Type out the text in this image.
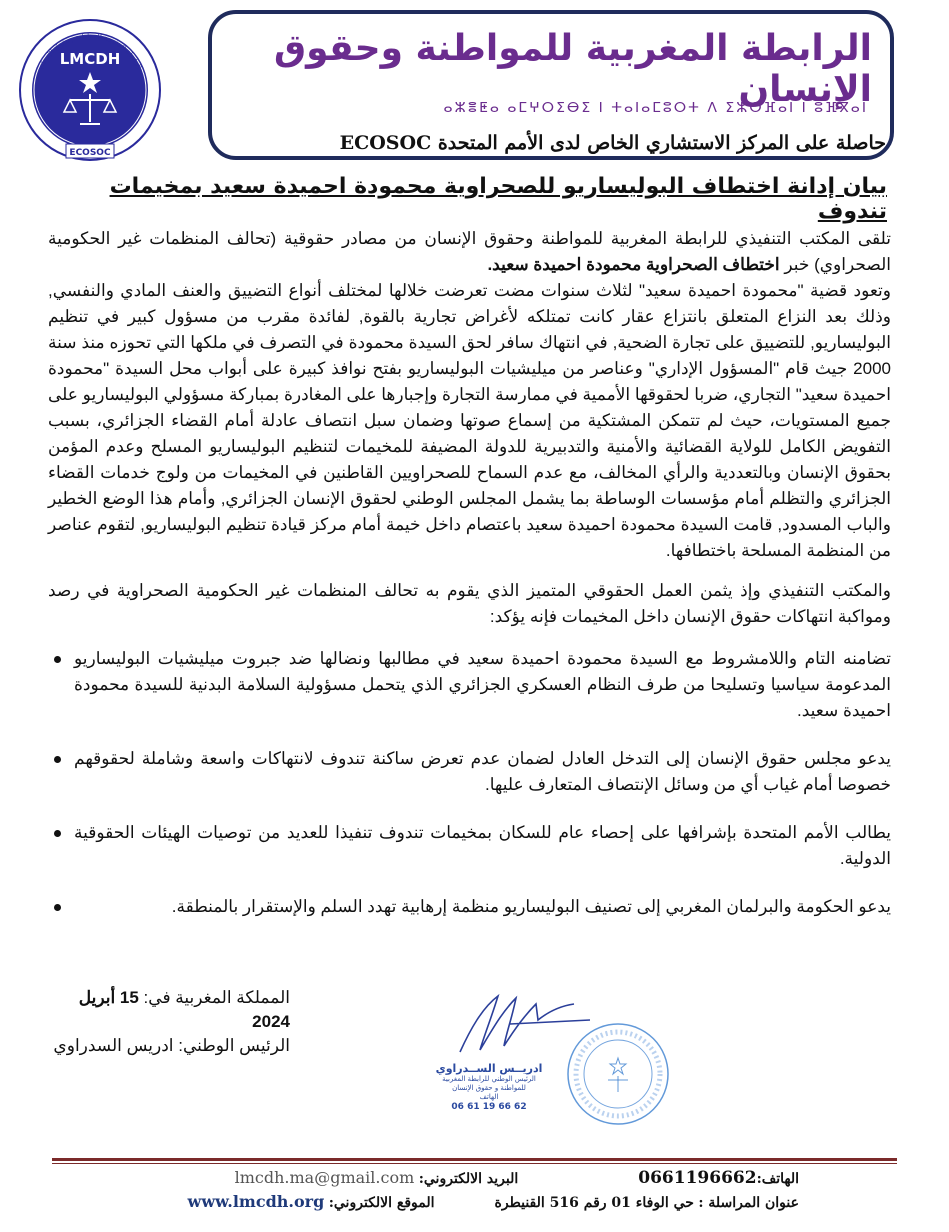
LMCDH
ECOSOC
الرابطة المغربية للمواطنة وحقوق الإنسان	الرابطة المغربية للمواطنة وحقوق الإنسان
ⴰⵣⴻⵟⴰ ⴰⵎⵖⵔⵉⴱⵉ ⵏ ⵜⴰⵏⴰⵎⵓⵔⵜ ⴷ ⵉⵣⵔⴼⴰⵏ ⵏ ⵓⴼⴳⴰⵏ
حاصلة على المركز الاستشاري الخاص لدى الأمم المتحدة ECOSOC
بيان إدانة اختطاف البوليساريو للصحراوية محمودة احميدة سعيد بمخيمات تندوف

تلقى المكتب التنفيذي للرابطة المغربية للمواطنة وحقوق الإنسان من مصادر حقوقية (تحالف المنظمات غير الحكومية الصحراوي) خبر اختطاف الصحراوية محمودة احميدة سعيد.

وتعود قضية "محمودة احميدة سعيد" لثلاث سنوات مضت تعرضت خلالها لمختلف أنواع التضييق والعنف المادي والنفسي, وذلك بعد النزاع المتعلق بانتزاع عقار كانت تمتلكه لأغراض تجارية بالقوة, لفائدة مقرب من مسؤول كبير في تنظيم البوليساريو, للتضييق على تجارة الضحية, في انتهاك سافر لحق السيدة محمودة في التصرف في ملكها التي تحوزه منذ سنة 2000 جيث قام "المسؤول الإداري" وعناصر من ميليشيات البوليساريو بفتح نوافذ كبيرة على أبواب محل السيدة "محمودة احميدة سعيد" التجاري، ضربا لحقوقها الأممية في ممارسة التجارة وإجبارها على المغادرة بمباركة مسؤولي البوليساريو على جميع المستويات، حيث لم تتمكن المشتكية من إسماع صوتها وضمان سبل انتصاف عادلة أمام القضاء الجزائري، بسبب التفويض الكامل للولاية القضائية والأمنية والتدبيرية للدولة المضيفة للمخيمات لتنظيم البوليساريو المسلح وعدم المؤمن بحقوق الإنسان وبالتعددية والرأي المخالف، مع عدم السماح للصحراويين القاطنين في المخيمات من ولوج خدمات القضاء الجزائري والتظلم أمام مؤسسات الوساطة بما يشمل المجلس الوطني لحقوق الإنسان الجزائري, وأمام هذا الوضع الخطير والباب المسدود, قامت السيدة محمودة احميدة سعيد باعتصام داخل خيمة أمام مركز قيادة تنظيم البوليساريو, لتقوم عناصر من المنظمة المسلحة باختطافها.

والمكتب التنفيذي وإذ يثمن العمل الحقوقي المتميز الذي يقوم به تحالف المنظمات غير الحكومية الصحراوية في رصد ومواكبة انتهاكات حقوق الإنسان داخل المخيمات فإنه يؤكد:

تضامنه التام واللامشروط مع السيدة محمودة احميدة سعيد في مطالبها ونضالها ضد جبروت ميليشيات البوليساريو المدعومة سياسيا وتسليحا من طرف النظام العسكري الجزائري الذي يتحمل مسؤولية السلامة البدنية للسيدة محمودة احميدة سعيد.
يدعو مجلس حقوق الإنسان إلى التدخل العادل لضمان عدم تعرض ساكنة تندوف لانتهاكات واسعة وشاملة لحقوقهم خصوصا أمام غياب أي من وسائل الإنتصاف المتعارف عليها.
يطالب الأمم المتحدة بإشرافها على إحصاء عام للسكان بمخيمات تندوف تنفيذا للعديد من توصيات الهيئات الحقوقية الدولية.
يدعو الحكومة والبرلمان المغربي إلى تصنيف البوليساريو منظمة إرهابية تهدد السلم والإستقرار بالمنطقة.
المملكة المغربية في: 15 أبريل 2024
الرئيس الوطني: ادريس السدراوي
ادريــس الســدراوي
الرئيس الوطني للرابطة المغربية
للمواطنة و حقوق الإنسان
الهاتف
06 61 19 66 62
الهاتف:0661196662البريد الالكتروني: lmcdh.ma@gmail.com
عنوان المراسلة : حي الوفاء 01 رقم 516 القنيطرةالموقع الالكتروني: www.lmcdh.org
